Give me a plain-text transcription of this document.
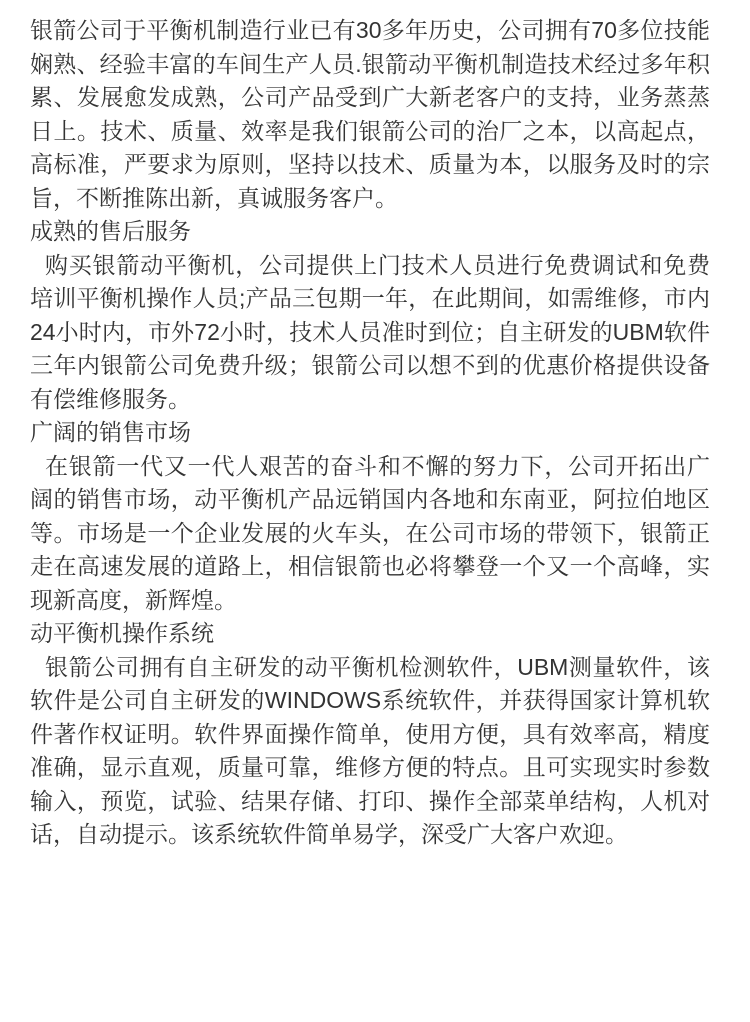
银箭公司于平衡机制造行业已有30多年历史，公司拥有70多位技能娴熟、经验丰富的车间生产人员.银箭动平衡机制造技术经过多年积累、发展愈发成熟，公司产品受到广大新老客户的支持，业务蒸蒸日上。技术、质量、效率是我们银箭公司的治厂之本，以高起点，高标准，严要求为原则，坚持以技术、质量为本，以服务及时的宗旨，不断推陈出新，真诚服务客户。

成熟的售后服务

购买银箭动平衡机，公司提供上门技术人员进行免费调试和免费培训平衡机操作人员;产品三包期一年，在此期间，如需维修，市内24小时内，市外72小时，技术人员准时到位；自主研发的UBM软件三年内银箭公司免费升级；银箭公司以想不到的优惠价格提供设备有偿维修服务。

广阔的销售市场

在银箭一代又一代人艰苦的奋斗和不懈的努力下，公司开拓出广阔的销售市场，动平衡机产品远销国内各地和东南亚，阿拉伯地区等。市场是一个企业发展的火车头，在公司市场的带领下，银箭正走在高速发展的道路上，相信银箭也必将攀登一个又一个高峰，实现新高度，新辉煌。

动平衡机操作系统

银箭公司拥有自主研发的动平衡机检测软件，UBM测量软件，该软件是公司自主研发的WINDOWS系统软件，并获得国家计算机软件著作权证明。软件界面操作简单，使用方便，具有效率高，精度准确，显示直观，质量可靠，维修方便的特点。且可实现实时参数输入，预览，试验、结果存储、打印、操作全部菜单结构，人机对话，自动提示。该系统软件简单易学，深受广大客户欢迎。
